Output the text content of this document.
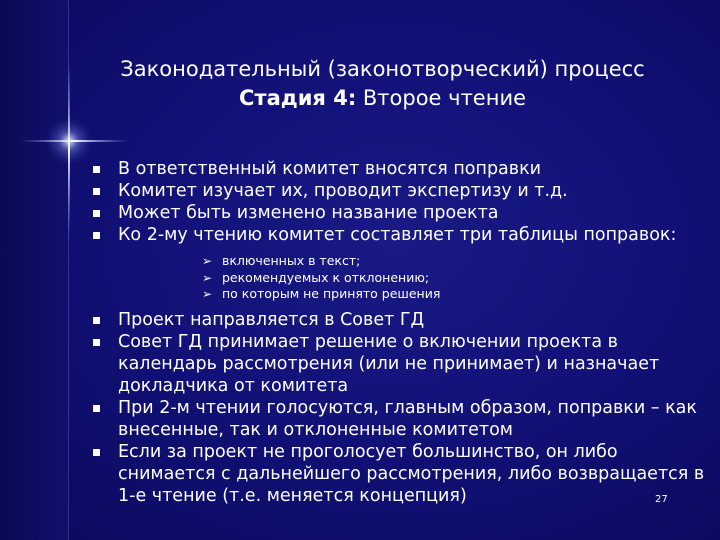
Законодательный (законотворческий) процесс
Стадия 4: Второе чтение
В ответственный комитет вносятся поправки
Комитет изучает их, проводит экспертизу и т.д.
Может быть изменено название проекта
Ко 2-му чтению комитет составляет три таблицы поправок:
➢ включенных в текст;
➢ рекомендуемых к отклонению;
➢ по которым не принято решения
Проект направляется в Совет ГД
Совет ГД принимает решение о включении проекта в календарь рассмотрения (или не принимает) и назначает докладчика от комитета
При 2-м чтении голосуются, главным образом, поправки – как внесенные, так и отклоненные комитетом
Если за проект не проголосует большинство, он либо снимается с дальнейшего рассмотрения, либо возвращается в 1-е чтение (т.е. меняется концепция)	27
